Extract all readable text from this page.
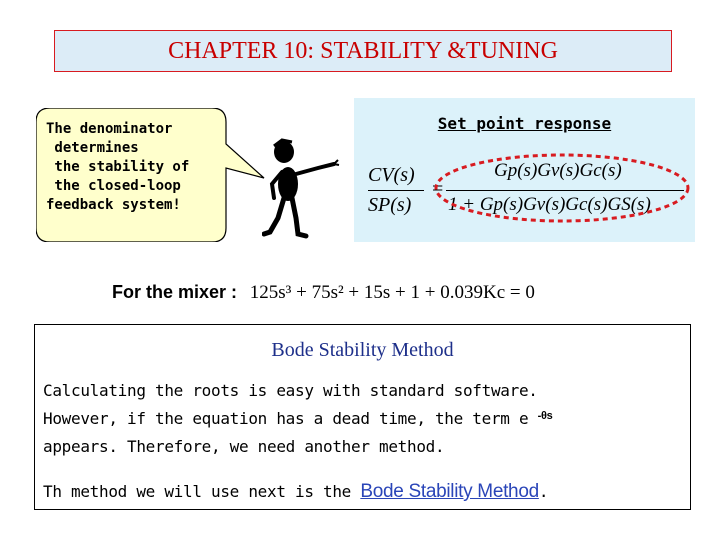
CHAPTER 10: STABILITY &TUNING
The denominator
determines
the stability of
the closed-loop
feedback system!
Set point response
CV(s)
SP(s)
=
Gp(s)Gv(s)Gc(s)
1 + Gp(s)Gv(s)Gc(s)GS(s)
For the mixer : 125s³ + 75s² + 15s + 1 + 0.039Kc = 0
Bode Stability Method
Calculating the roots is easy with standard software.
However, if the equation has a dead time, the term e $^{-\theta s}$
appears. Therefore, we need another method.
Th method we will use next is the Bode Stability Method.
